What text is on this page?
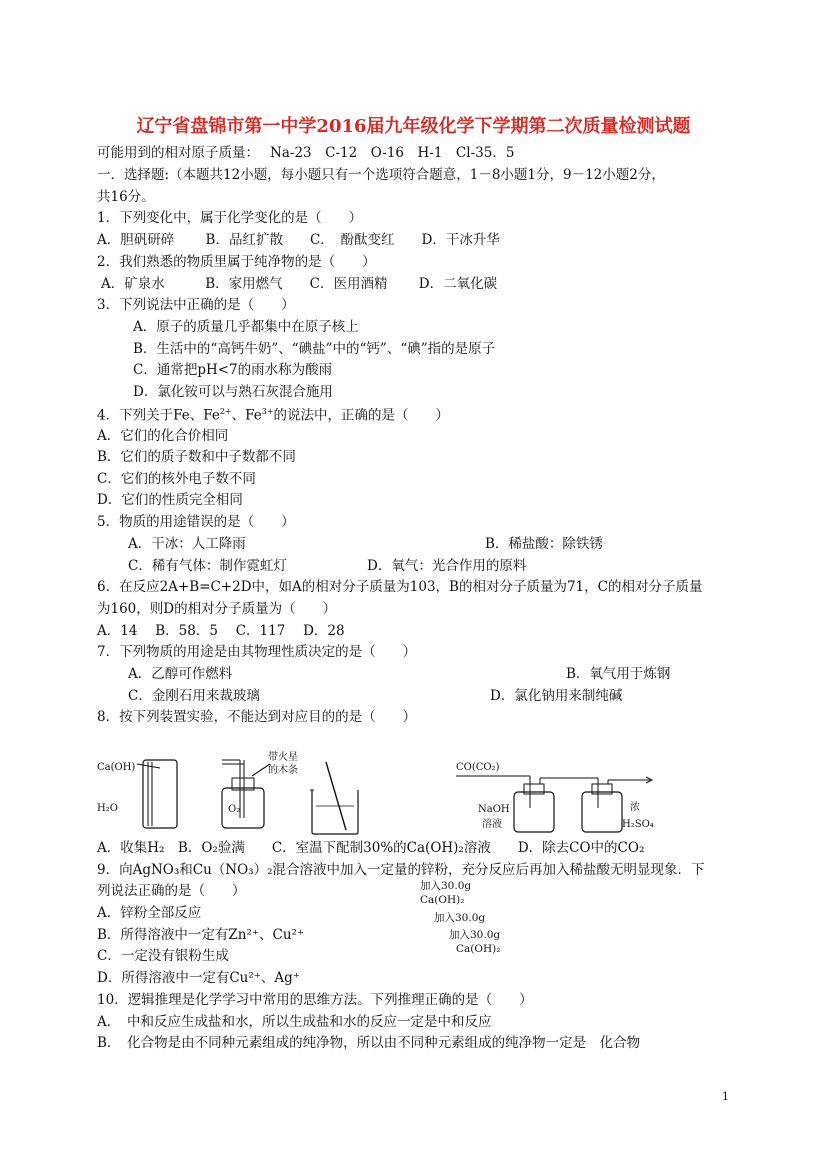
辽宁省盘锦市第一中学2016届九年级化学下学期第二次质量检测试题
可能用到的相对原子质量：　 Na-23　C-12　O-16　H-1　Cl-35．5
一．选择题:（本题共12小题，每小题只有一个选项符合题意，1－8小题1分，9－12小题2分，
共16分。
1．下列变化中，属于化学变化的是（　　）
A．胆矾研碎　　 B．品红扩散　　C．　酚酞变红　　D．干冰升华
2．我们熟悉的物质里属于纯净物的是（　　）
A．矿泉水　　　B．家用燃气　　C．医用酒精　　 D．二氧化碳
3．下列说法中正确的是（　　）
A．原子的质量几乎都集中在原子核上
B．生活中的“高钙牛奶”、“碘盐”中的“钙”、“碘”指的是原子
C．通常把pH<7的雨水称为酸雨
D．氯化铵可以与熟石灰混合施用
4．下列关于Fe、$Fe^{2+}$、$Fe^{3+}$的说法中，正确的是（　　）
A．它们的化合价相同
B．它们的质子数和中子数都不同
C．它们的核外电子数不同
D．它们的性质完全相同
5．物质的用途错误的是（　　）
A．干冰：人工降雨	B．稀盐酸：除铁锈
C．稀有气体：制作霓虹灯	D．氧气：光合作用的原料
6．在反应2A+B=C+2D中，如A的相对分子质量为103，B的相对分子质量为71，C的相对分子质量
为160，则D的相对分子质量为（　　）
A．14　 B．58．5　 C．117　 D．28
7．下列物质的用途是由其物理性质决定的是（　　）
A．乙醇可作燃料	B．氧气用于炼钢
C．金刚石用来裁玻璃	D．氯化钠用来制纯碱
8．按下列装置实验，不能达到对应目的的是（　　）
Ca(OH)
H₂O
带火星
的木条
O₂
CO(CO₂)
NaOH
溶液
浓
H₂SO₄
A．收集H₂　B．O₂验满　　C．室温下配制30%的Ca(OH)₂溶液　　D．除去CO中的CO₂
9．向AgNO₃和Cu（NO₃）₂混合溶液中加入一定量的锌粉，充分反应后再加入稀盐酸无明显现象．下
列说法正确的是（　　）
A．锌粉全部反应
B．所得溶液中一定有Zn²⁺、Cu²⁺
C．一定没有银粉生成
D．所得溶液中一定有Cu²⁺、Ag⁺
加入30.0g
Ca(OH)₂
加入30.0g
加入30.0g
Ca(OH)₂
10．逻辑推理是化学学习中常用的思维方法。下列推理正确的是（　　）
A．　中和反应生成盐和水，所以生成盐和水的反应一定是中和反应
B．　化合物是由不同种元素组成的纯净物，所以由不同种元素组成的纯净物一定是　化合物
1
